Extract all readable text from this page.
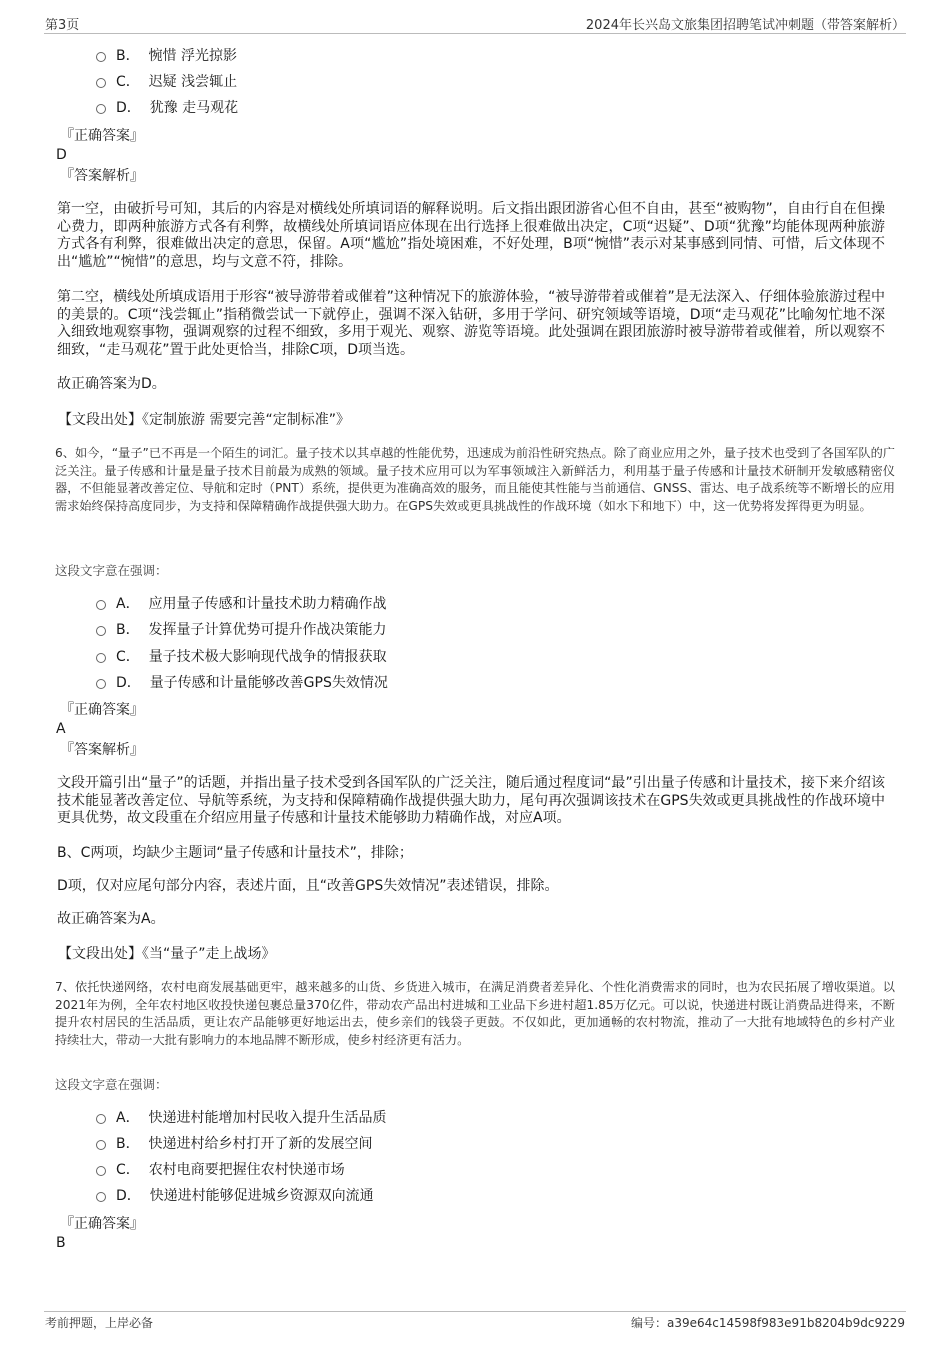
第3页	2024年长兴岛文旅集团招聘笔试冲刺题（带答案解析）
B． 惋惜 浮光掠影
C． 迟疑 浅尝辄止
D． 犹豫 走马观花
『正确答案』
D
『答案解析』
第一空，由破折号可知，其后的内容是对横线处所填词语的解释说明。后文指出跟团游省心但不自由，甚至“被购物”，自由行自在但操心费力，即两种旅游方式各有利弊，故横线处所填词语应体现在出行选择上很难做出决定，C项“迟疑”、D项“犹豫”均能体现两种旅游方式各有利弊，很难做出决定的意思，保留。A项“尴尬”指处境困难，不好处理，B项“惋惜”表示对某事感到同情、可惜，后文体现不出“尴尬”“惋惜”的意思，均与文意不符，排除。
第二空，横线处所填成语用于形容“被导游带着或催着”这种情况下的旅游体验，“被导游带着或催着”是无法深入、仔细体验旅游过程中的美景的。C项“浅尝辄止”指稍微尝试一下就停止，强调不深入钻研，多用于学问、研究领域等语境，D项“走马观花”比喻匆忙地不深入细致地观察事物，强调观察的过程不细致，多用于观光、观察、游览等语境。此处强调在跟团旅游时被导游带着或催着，所以观察不细致，“走马观花”置于此处更恰当，排除C项，D项当选。
故正确答案为D。
【文段出处】《定制旅游 需要完善“定制标准”》
6、如今，“量子”已不再是一个陌生的词汇。量子技术以其卓越的性能优势，迅速成为前沿性研究热点。除了商业应用之外，量子技术也受到了各国军队的广泛关注。量子传感和计量是量子技术目前最为成熟的领域。量子技术应用可以为军事领域注入新鲜活力，利用基于量子传感和计量技术研制开发敏感精密仪器，不但能显著改善定位、导航和定时（PNT）系统，提供更为准确高效的服务，而且能使其性能与当前通信、GNSS、雷达、电子战系统等不断增长的应用需求始终保持高度同步，为支持和保障精确作战提供强大助力。在GPS失效或更具挑战性的作战环境（如水下和地下）中，这一优势将发挥得更为明显。
这段文字意在强调：
A． 应用量子传感和计量技术助力精确作战
B． 发挥量子计算优势可提升作战决策能力
C． 量子技术极大影响现代战争的情报获取
D． 量子传感和计量能够改善GPS失效情况
『正确答案』
A
『答案解析』
文段开篇引出“量子”的话题，并指出量子技术受到各国军队的广泛关注，随后通过程度词“最”引出量子传感和计量技术，接下来介绍该技术能显著改善定位、导航等系统，为支持和保障精确作战提供强大助力，尾句再次强调该技术在GPS失效或更具挑战性的作战环境中更具优势，故文段重在介绍应用量子传感和计量技术能够助力精确作战，对应A项。
B、C两项，均缺少主题词“量子传感和计量技术”，排除；
D项，仅对应尾句部分内容，表述片面，且“改善GPS失效情况”表述错误，排除。
故正确答案为A。
【文段出处】《当“量子”走上战场》
7、依托快递网络，农村电商发展基础更牢，越来越多的山货、乡货进入城市，在满足消费者差异化、个性化消费需求的同时，也为农民拓展了增收渠道。以2021年为例，全年农村地区收投快递包裹总量370亿件，带动农产品出村进城和工业品下乡进村超1.85万亿元。可以说，快递进村既让消费品进得来，不断提升农村居民的生活品质，更让农产品能够更好地运出去，使乡亲们的钱袋子更鼓。不仅如此，更加通畅的农村物流，推动了一大批有地域特色的乡村产业持续壮大，带动一大批有影响力的本地品牌不断形成，使乡村经济更有活力。
这段文字意在强调：
A． 快递进村能增加村民收入提升生活品质
B． 快递进村给乡村打开了新的发展空间
C． 农村电商要把握住农村快递市场
D． 快递进村能够促进城乡资源双向流通
『正确答案』
B
考前押题，上岸必备	编号：a39e64c14598f983e91b8204b9dc9229
